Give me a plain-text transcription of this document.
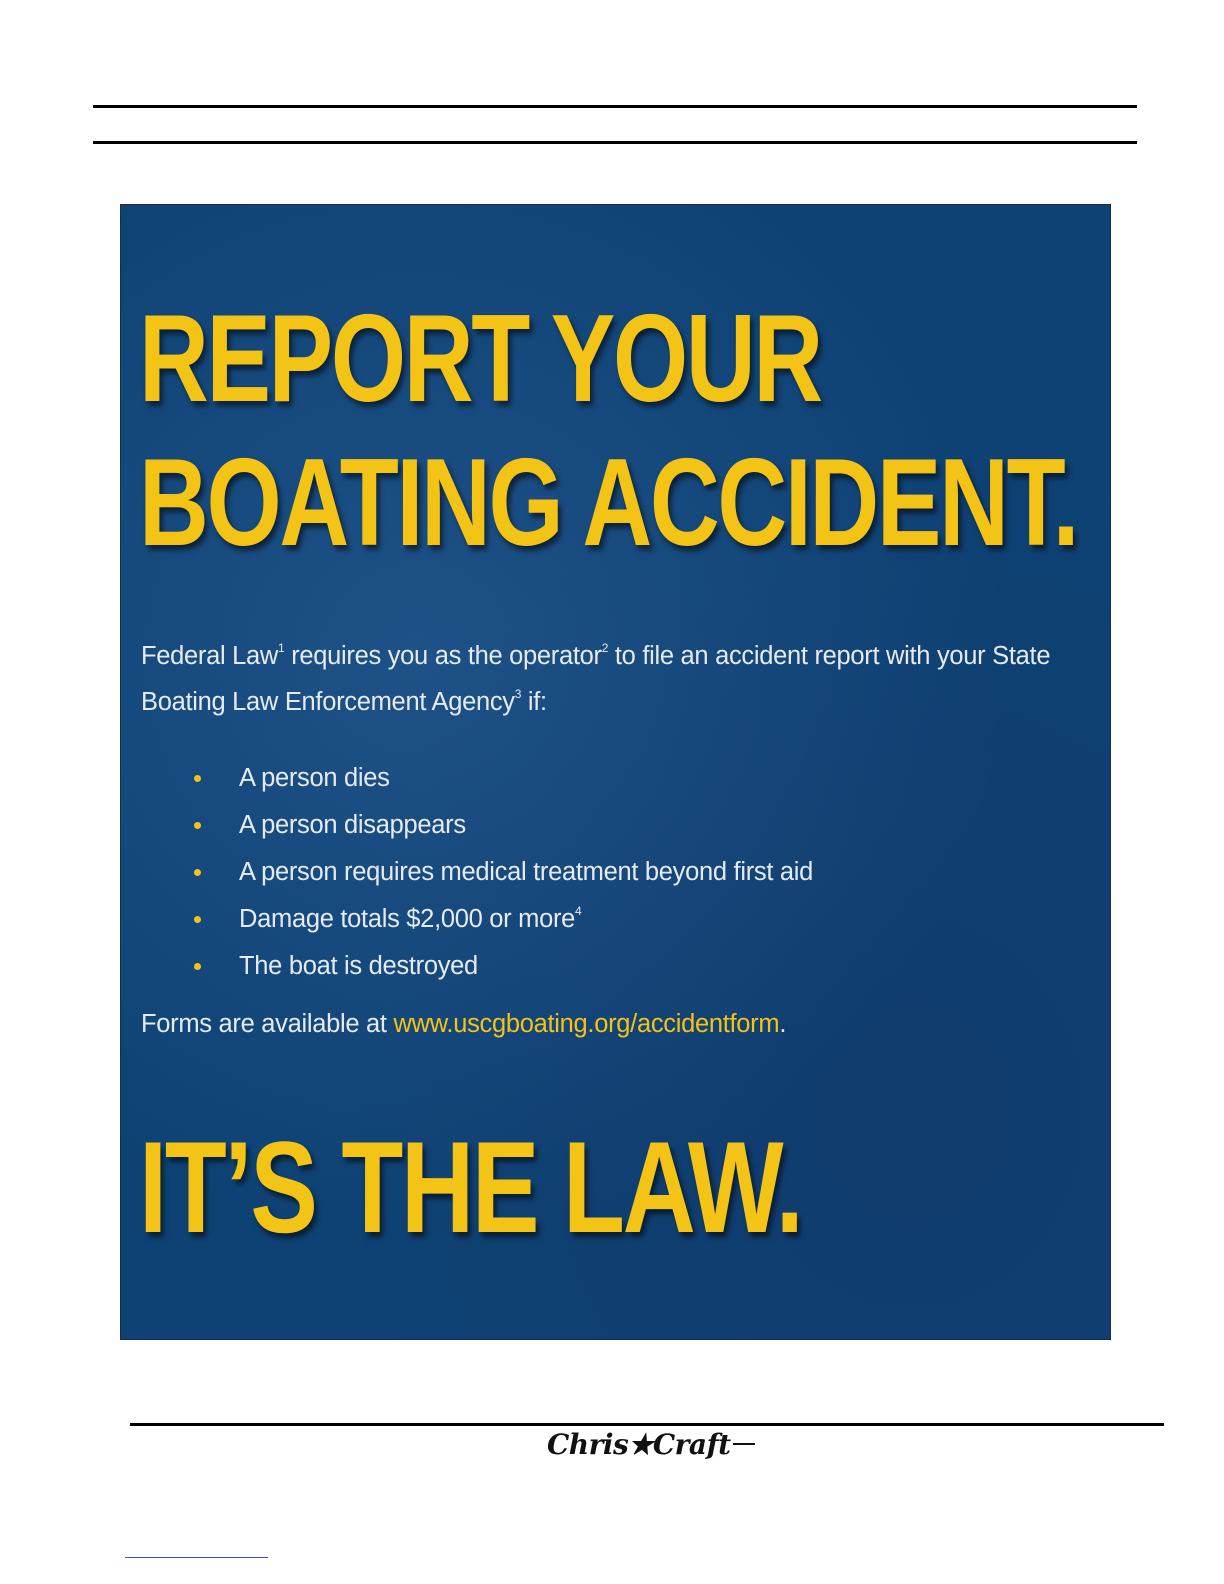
REPORT YOUR
BOATING ACCIDENT.

Federal Law$^1$ requires you as the operator$^2$ to file an accident report with your State Boating Law Enforcement Agency$^3$ if:

A person dies
A person disappears
A person requires medical treatment beyond first aid
Damage totals $2,000 or more$^4$
The boat is destroyed

Forms are available at www.uscgboating.org/accidentform.

IT’S THE LAW.
Chris★Craft
